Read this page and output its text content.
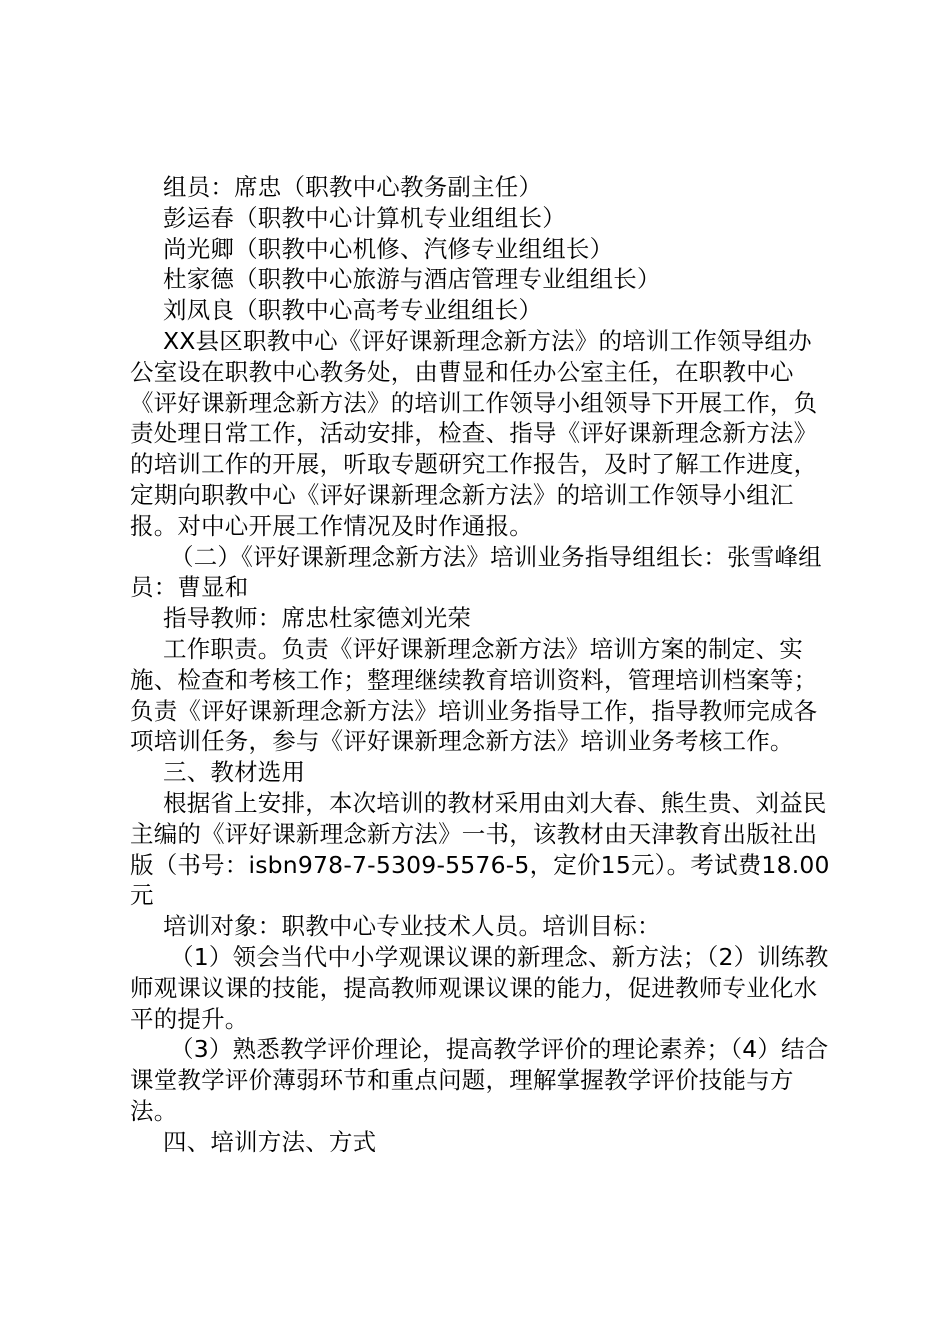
组员：席忠（职教中心教务副主任）

彭运春（职教中心计算机专业组组长）

尚光卿（职教中心机修、汽修专业组组长）

杜家德（职教中心旅游与酒店管理专业组组长）

刘凤良（职教中心高考专业组组长）

XX县区职教中心《评好课新理念新方法》的培训工作领导组办公室设在职教中心教务处，由曹显和任办公室主任，在职教中心《评好课新理念新方法》的培训工作领导小组领导下开展工作，负责处理日常工作，活动安排，检查、指导《评好课新理念新方法》的培训工作的开展，听取专题研究工作报告，及时了解工作进度，定期向职教中心《评好课新理念新方法》的培训工作领导小组汇报。对中心开展工作情况及时作通报。

（二）《评好课新理念新方法》培训业务指导组组长：张雪峰组员：曹显和

指导教师：席忠杜家德刘光荣

工作职责。负责《评好课新理念新方法》培训方案的制定、实施、检查和考核工作；整理继续教育培训资料，管理培训档案等；负责《评好课新理念新方法》培训业务指导工作，指导教师完成各项培训任务，参与《评好课新理念新方法》培训业务考核工作。

三、教材选用

根据省上安排，本次培训的教材采用由刘大春、熊生贵、刘益民主编的《评好课新理念新方法》一书，该教材由天津教育出版社出版（书号：isbn978-7-5309-5576-5，定价15元）。考试费18.00元

培训对象：职教中心专业技术人员。培训目标：

（1）领会当代中小学观课议课的新理念、新方法；（2）训练教师观课议课的技能，提高教师观课议课的能力，促进教师专业化水平的提升。

（3）熟悉教学评价理论，提高教学评价的理论素养；（4）结合课堂教学评价薄弱环节和重点问题，理解掌握教学评价技能与方法。

四、培训方法、方式
